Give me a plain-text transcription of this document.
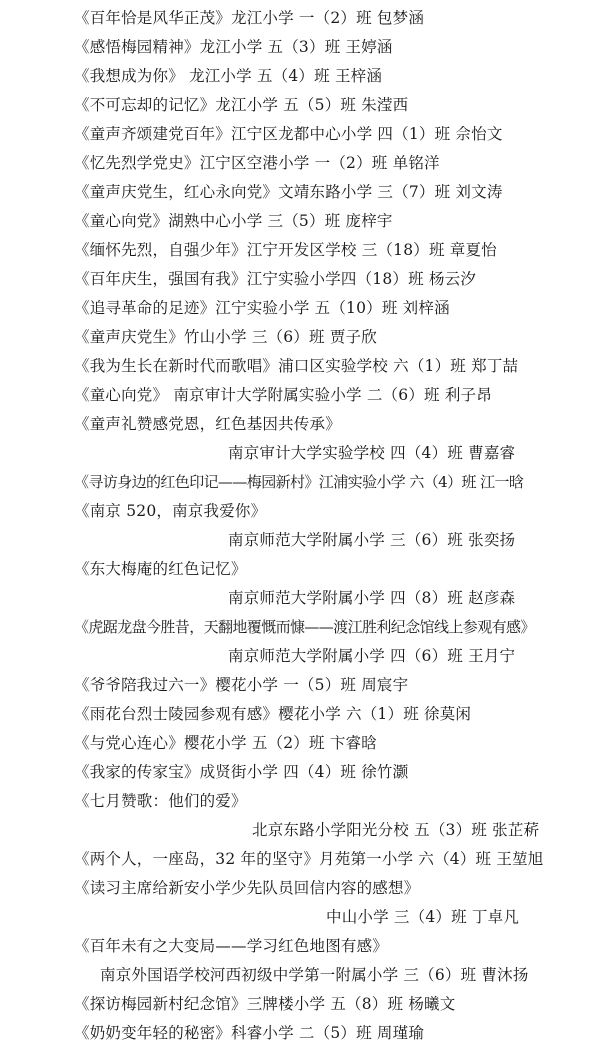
《百年恰是风华正茂》龙江小学 一（2）班 包梦涵
《感悟梅园精神》龙江小学 五（3）班 王婷涵
《我想成为你》 龙江小学 五（4）班 王梓涵
《不可忘却的记忆》龙江小学 五（5）班 朱滢西
《童声齐颂建党百年》江宁区龙都中心小学 四（1）班 佘怡文
《忆先烈学党史》江宁区空港小学 一（2）班 单铭洋
《童声庆党生，红心永向党》文靖东路小学 三（7）班 刘文涛
《童心向党》湖熟中心小学 三（5）班 庞梓宇
《缅怀先烈，自强少年》江宁开发区学校 三（18）班 章夏怡
《百年庆生，强国有我》江宁实验小学四（18）班 杨云汐
《追寻革命的足迹》江宁实验小学 五（10）班 刘梓涵
《童声庆党生》竹山小学 三（6）班 贾子欣
《我为生长在新时代而歌唱》浦口区实验学校 六（1）班 郑丁喆
《童心向党》 南京审计大学附属实验小学 二（6）班 利子昂
《童声礼赞感党恩，红色基因共传承》
南京审计大学实验学校 四（4）班 曹嘉睿
《寻访身边的红色印记——梅园新村》江浦实验小学 六（4）班 江一晗
《南京 520，南京我爱你》
南京师范大学附属小学 三（6）班 张奕扬
《东大梅庵的红色记忆》
南京师范大学附属小学 四（8）班 赵彦森
《虎踞龙盘今胜昔，天翻地覆慨而慷——渡江胜利纪念馆线上参观有感》
南京师范大学附属小学 四（6）班 王月宁
《爷爷陪我过六一》樱花小学 一（5）班 周宸宇
《雨花台烈士陵园参观有感》樱花小学 六（1）班 徐莫闲
《与党心连心》樱花小学 五（2）班 卞睿晗
《我家的传家宝》成贤街小学 四（4）班 徐竹灏
《七月赞歌：他们的爱》
北京东路小学阳光分校 五（3）班 张芷菥
《两个人，一座岛，32 年的坚守》月苑第一小学 六（4）班 王堃旭
《读习主席给新安小学少先队员回信内容的感想》
中山小学 三（4）班 丁卓凡
《百年未有之大变局——学习红色地图有感》
南京外国语学校河西初级中学第一附属小学 三（6）班 曹沐扬
《探访梅园新村纪念馆》三牌楼小学 五（8）班 杨曦文
《奶奶变年轻的秘密》科睿小学 二（5）班 周瑾瑜
